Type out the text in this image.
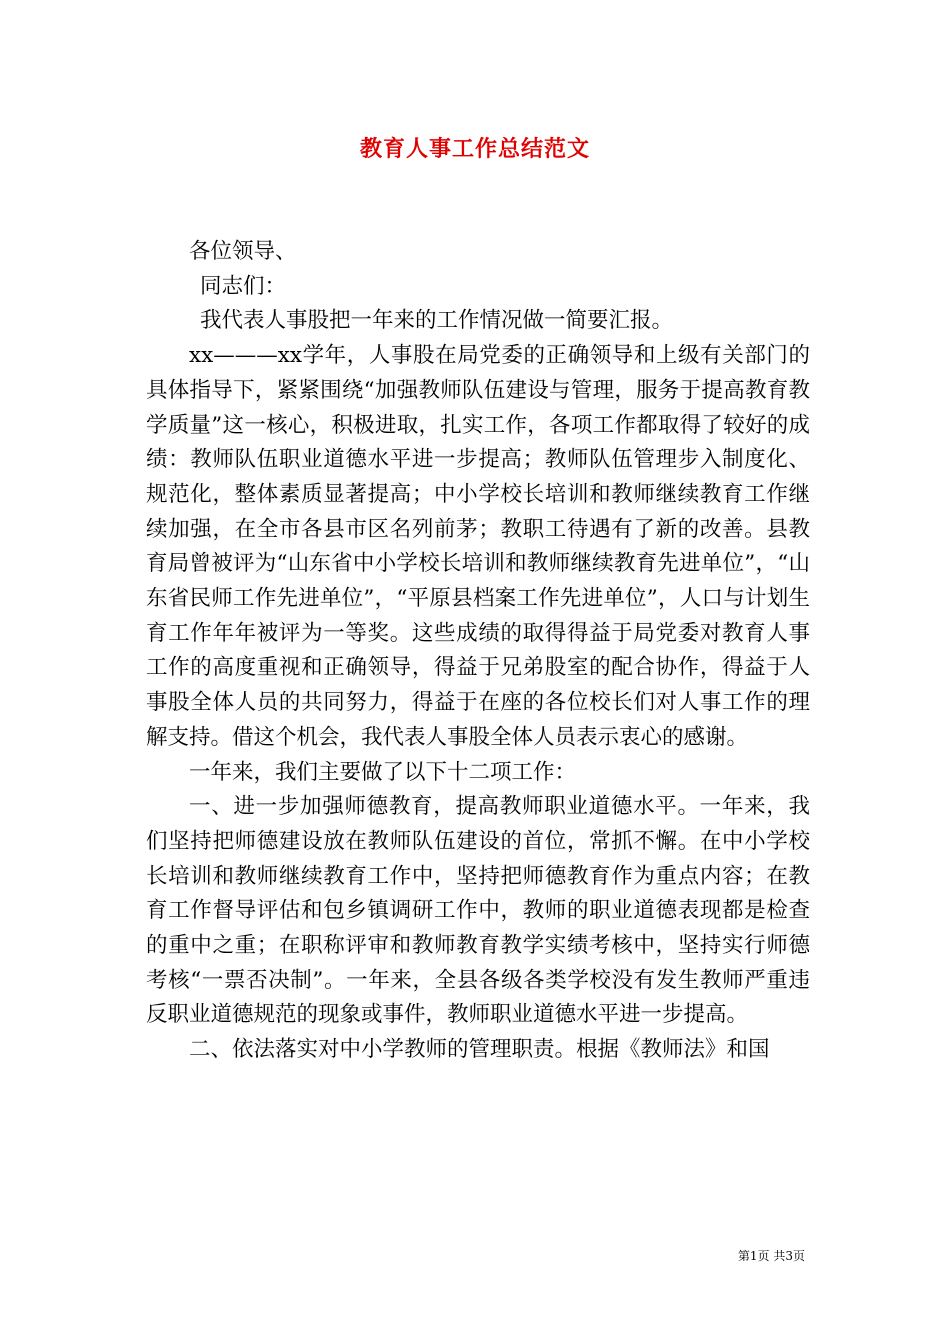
教育人事工作总结范文

各位领导、

同志们：

我代表人事股把一年来的工作情况做一简要汇报。

xx———xx学年，人事股在局党委的正确领导和上级有关部门的具体指导下，紧紧围绕“加强教师队伍建设与管理，服务于提高教育教学质量”这一核心，积极进取，扎实工作，各项工作都取得了较好的成绩：教师队伍职业道德水平进一步提高；教师队伍管理步入制度化、规范化，整体素质显著提高；中小学校长培训和教师继续教育工作继续加强，在全市各县市区名列前茅；教职工待遇有了新的改善。县教育局曾被评为“山东省中小学校长培训和教师继续教育先进单位”，“山东省民师工作先进单位”，“平原县档案工作先进单位”，人口与计划生育工作年年被评为一等奖。这些成绩的取得得益于局党委对教育人事工作的高度重视和正确领导，得益于兄弟股室的配合协作，得益于人事股全体人员的共同努力，得益于在座的各位校长们对人事工作的理解支持。借这个机会，我代表人事股全体人员表示衷心的感谢。

一年来，我们主要做了以下十二项工作：

一、进一步加强师德教育，提高教师职业道德水平。一年来，我们坚持把师德建设放在教师队伍建设的首位，常抓不懈。在中小学校长培训和教师继续教育工作中，坚持把师德教育作为重点内容；在教育工作督导评估和包乡镇调研工作中，教师的职业道德表现都是检查的重中之重；在职称评审和教师教育教学实绩考核中，坚持实行师德考核“一票否决制”。一年来，全县各级各类学校没有发生教师严重违反职业道德规范的现象或事件，教师职业道德水平进一步提高。

二、依法落实对中小学教师的管理职责。根据《教师法》和国

第1页 共3页
